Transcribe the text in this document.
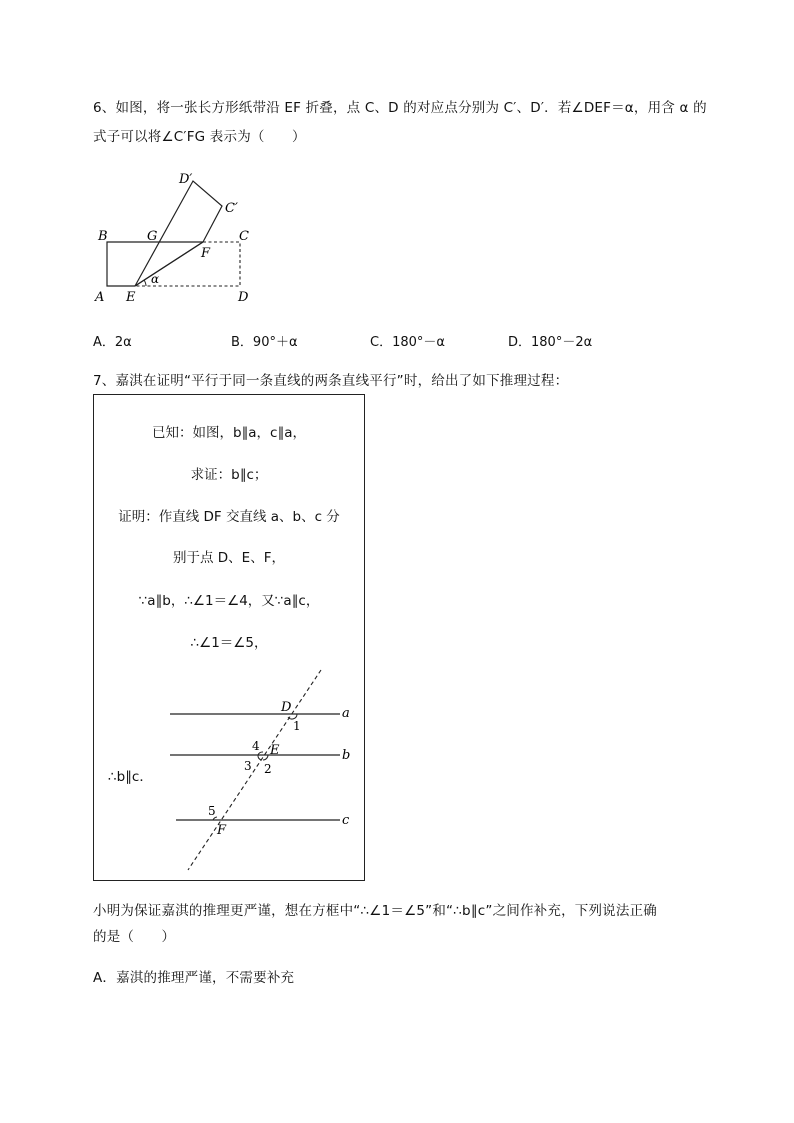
6、如图，将一张长方形纸带沿 EF 折叠，点 C、D 的对应点分别为 C′、D′．若∠DEF＝α，用含 α 的
式子可以将∠C′FG 表示为（　　）
D′
C′
B	G	C
F
A E	D
α
A．2α	B．90°＋α	C．180°－α	D．180°－2α
7、嘉淇在证明“平行于同一条直线的两条直线平行”时，给出了如下推理过程：
已知：如图，b∥a，c∥a，
求证：b∥c；
证明：作直线 DF 交直线 a、b、c 分
别于点 D、E、F，
∵a∥b，∴∠1＝∠4，又∵a∥c，
∴∠1＝∠5，
∴b∥c．
D	a
1
4 E	b
3 2
5
F
c
小明为保证嘉淇的推理更严谨，想在方框中“∴∠1＝∠5”和“∴b∥c”之间作补充，下列说法正确
的是（　　）
A．嘉淇的推理严谨，不需要补充
